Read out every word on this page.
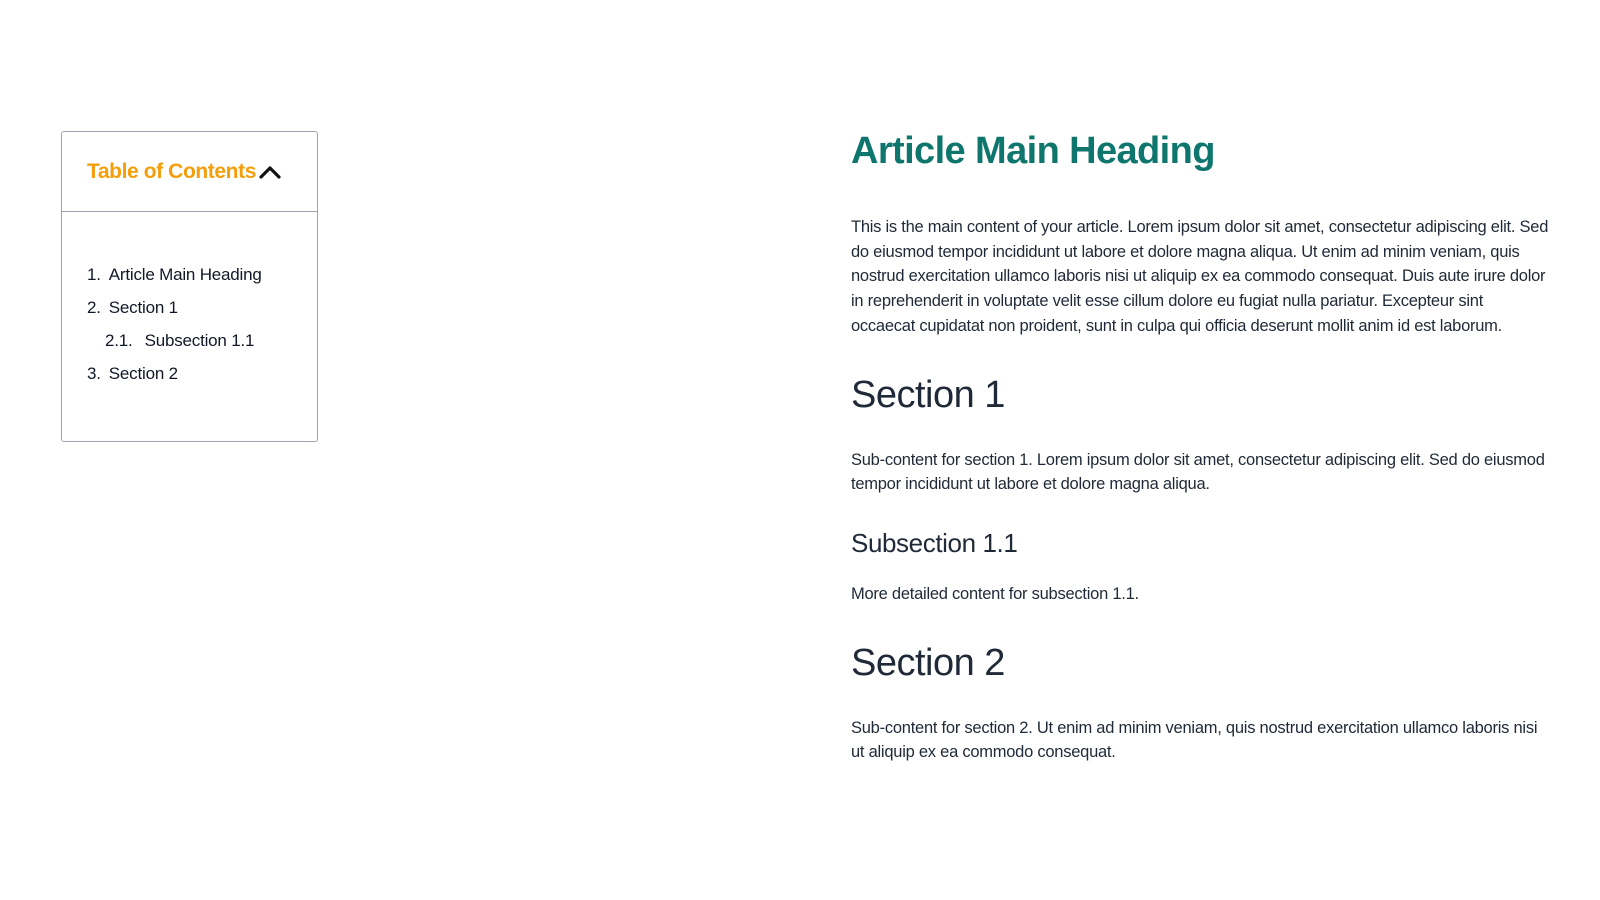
Table of Contents
1. Article Main Heading
2. Section 1
2.1. Subsection 1.1
3. Section 2
Article Main Heading

This is the main content of your article. Lorem ipsum dolor sit amet, consectetur adipiscing elit. Sed do eiusmod tempor incididunt ut labore et dolore magna aliqua. Ut enim ad minim veniam, quis nostrud exercitation ullamco laboris nisi ut aliquip ex ea commodo consequat. Duis aute irure dolor in reprehenderit in voluptate velit esse cillum dolore eu fugiat nulla pariatur. Excepteur sint occaecat cupidatat non proident, sunt in culpa qui officia deserunt mollit anim id est laborum.

Section 1

Sub-content for section 1. Lorem ipsum dolor sit amet, consectetur adipiscing elit. Sed do eiusmod tempor incididunt ut labore et dolore magna aliqua.

Subsection 1.1

More detailed content for subsection 1.1.

Section 2

Sub-content for section 2. Ut enim ad minim veniam, quis nostrud exercitation ullamco laboris nisi ut aliquip ex ea commodo consequat.
